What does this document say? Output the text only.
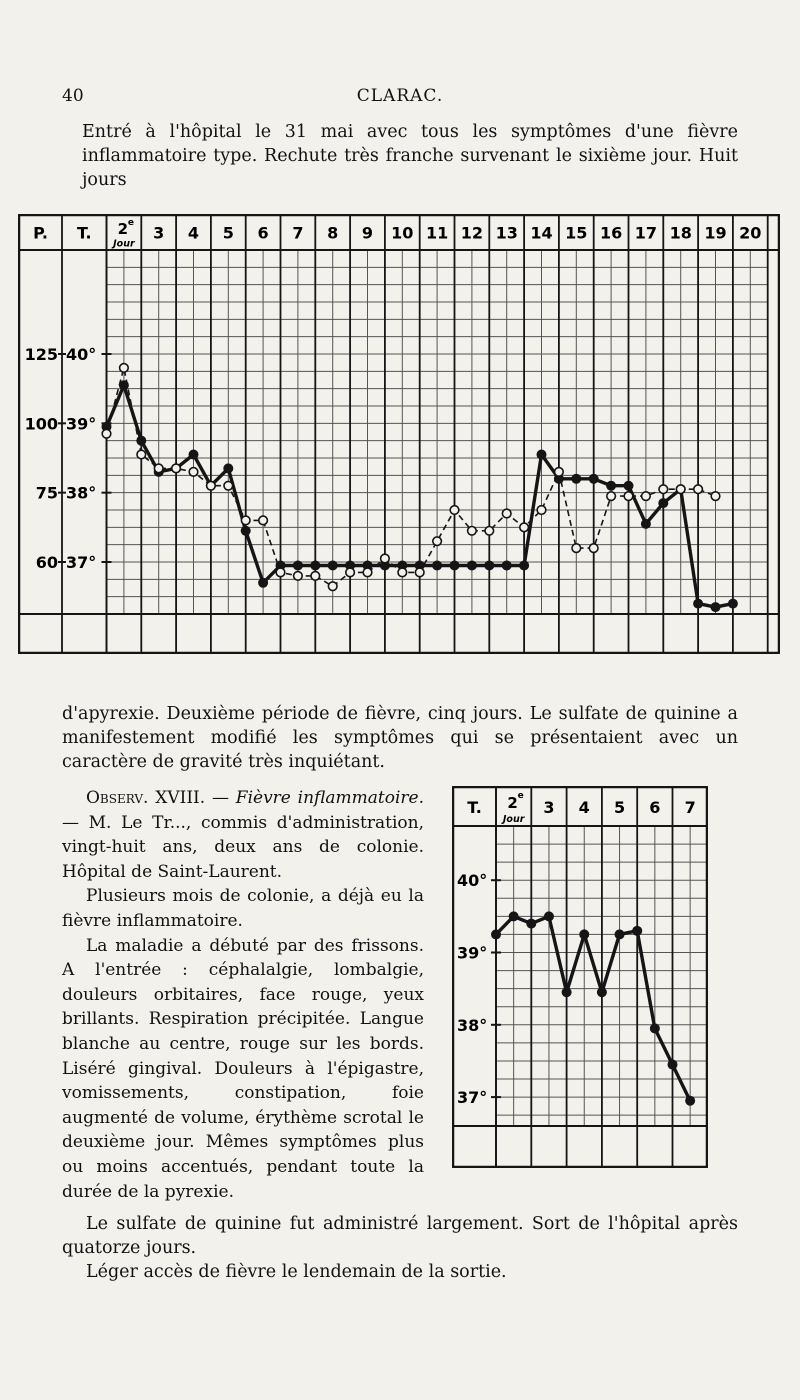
40	CLARAC.

Entré à l'hôpital le 31 mai avec tous les symptômes d'une fièvre inflammatoire type. Rechute très franche survenant le sixième jour. Huit jours

P. T. 2 e
Jour
3 4 5 6 7 8 9 10 11 12 13 14 15 16 17 18 19 20
125
100
75
60
40°
39°
38°
37°

d'apyrexie. Deuxième période de fièvre, cinq jours. Le sulfate de quinine a manifestement modifié les symptômes qui se présentaient avec un caractère de gravité très inquiétant.

Observ. XVIII. — Fièvre inflammatoire. — M. Le Tr..., commis d'administration, vingt-huit ans, deux ans de colonie. Hôpital de Saint-Laurent.

Plusieurs mois de colonie, a déjà eu la fièvre inflammatoire.

La maladie a débuté par des frissons. A l'entrée : céphalalgie, lombalgie, douleurs orbitaires, face rouge, yeux brillants. Respiration précipitée. Langue blanche au centre, rouge sur les bords. Liséré gingival. Douleurs à l'épigastre, vomissements, constipation, foie augmenté de volume, érythème scrotal le deuxième jour. Mêmes symptômes plus ou moins accentués, pendant toute la durée de la pyrexie.

T. 2 e
Jour
3 4 5 6 7
40°
39°
38°
37°

Le sulfate de quinine fut administré largement. Sort de l'hôpital après quatorze jours.

Léger accès de fièvre le lendemain de la sortie.
